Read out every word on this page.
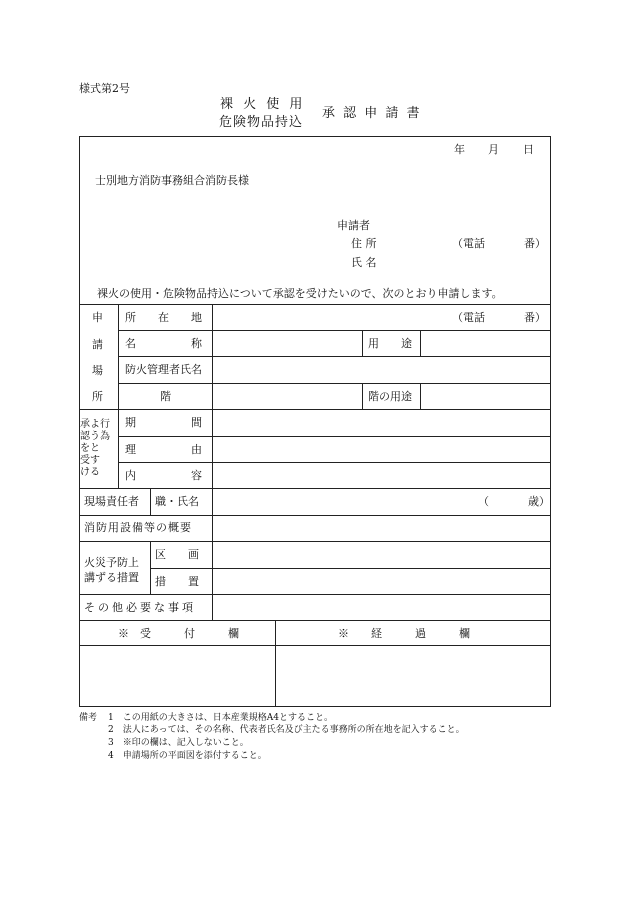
様式第2号
裸 火 使 用
危険物品持込
承 認 申 請 書
年 月 日
士別地方消防事務組合消防長様
申請者
住 所	（電話	番）
氏 名
裸火の使用・危険物品持込について承認を受けたいので、次のとおり申請します。
申
請
場
所
所　　在　　地	（電話	番）
名　　　　　称	用　　途
防火管理者氏名
階	階の用途
承よ行
認う為
をと
受す
ける
期　　　　　間
理　　　　　由
内　　　　　容
現場責任者 職・氏名	（	歳）
消防用設備等の概要
火災予防上
講ずる措置
区　　画
措　　置
その他必要な事項
※　受　　　付　　　欄	※　　経　　　過　　　欄
備考 1　この用紙の大きさは、日本産業規格A4とすること。
2　法人にあっては、その名称、代表者氏名及び主たる事務所の所在地を記入すること。
3　※印の欄は、記入しないこと。
4　申請場所の平面図を添付すること。
